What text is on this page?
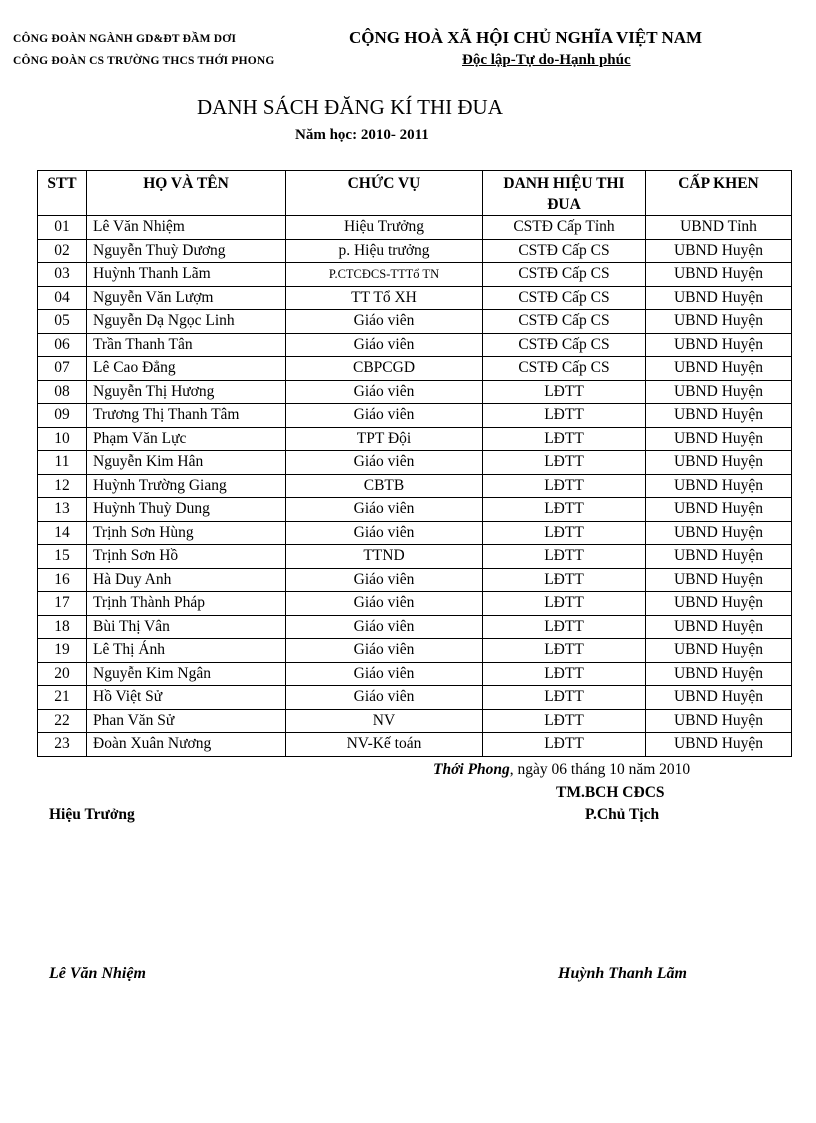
CÔNG ĐOÀN NGÀNH GD&ĐT ĐẦM DƠI
CÔNG ĐOÀN CS TRƯỜNG THCS THỚI PHONG
CỘNG HOÀ XÃ HỘI CHỦ NGHĨA VIỆT NAM
Độc lập-Tự do-Hạnh phúc
DANH SÁCH ĐĂNG KÍ THI ĐUA
Năm học: 2010- 2011
STT	HỌ VÀ TÊN	CHỨC VỤ	DANH HIỆU THI ĐUA	CẤP KHEN
01	Lê Văn Nhiệm	Hiệu Trưởng	CSTĐ Cấp Tỉnh	UBND Tỉnh
02	Nguyễn Thuỳ Dương	p. Hiệu trưởng	CSTĐ Cấp CS	UBND Huyện
03	Huỳnh Thanh Lãm	P.CTCĐCS-TTTổ TN	CSTĐ Cấp CS	UBND Huyện
04	Nguyễn Văn Lượm	TT Tổ XH	CSTĐ Cấp CS	UBND Huyện
05	Nguyễn Dạ Ngọc Linh	Giáo viên	CSTĐ Cấp CS	UBND Huyện
06	Trần Thanh Tân	Giáo viên	CSTĐ Cấp CS	UBND Huyện
07	Lê Cao Đẳng	CBPCGD	CSTĐ Cấp CS	UBND Huyện
08	Nguyễn Thị Hương	Giáo viên	LĐTT	UBND Huyện
09	Trương Thị Thanh Tâm	Giáo viên	LĐTT	UBND Huyện
10	Phạm Văn Lực	TPT Đội	LĐTT	UBND Huyện
11	Nguyễn Kim Hân	Giáo viên	LĐTT	UBND Huyện
12	Huỳnh Trường Giang	CBTB	LĐTT	UBND Huyện
13	Huỳnh Thuỳ Dung	Giáo viên	LĐTT	UBND Huyện
14	Trịnh Sơn Hùng	Giáo viên	LĐTT	UBND Huyện
15	Trịnh Sơn Hồ	TTND	LĐTT	UBND Huyện
16	Hà Duy Anh	Giáo viên	LĐTT	UBND Huyện
17	Trịnh Thành Pháp	Giáo viên	LĐTT	UBND Huyện
18	Bùi Thị Vân	Giáo viên	LĐTT	UBND Huyện
19	Lê Thị Ánh	Giáo viên	LĐTT	UBND Huyện
20	Nguyễn Kim Ngân	Giáo viên	LĐTT	UBND Huyện
21	Hồ Việt Sử	Giáo viên	LĐTT	UBND Huyện
22	Phan Văn Sử	NV	LĐTT	UBND Huyện
23	Đoàn Xuân Nương	NV-Kế toán	LĐTT	UBND Huyện
Thới Phong, ngày 06 tháng 10 năm 2010
TM.BCH CĐCS
Hiệu Trưởng	P.Chủ Tịch
Lê Văn Nhiệm	Huỳnh Thanh Lãm
